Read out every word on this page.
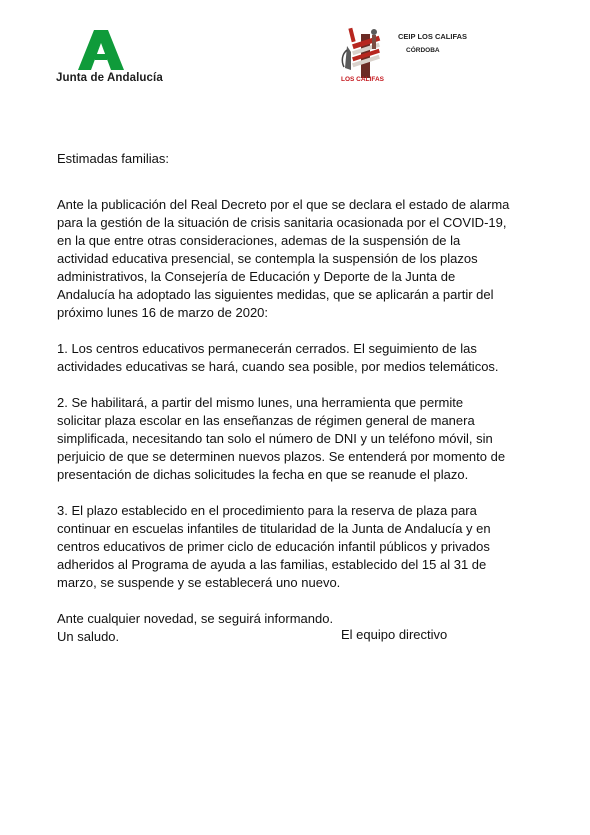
Junta de Andalucía	LOS CALIFAS
CEIP LOS CALIFAS
CÓRDOBA

Estimadas familias:

Ante la publicación del Real Decreto por el que se declara el estado de alarma
para la gestión de la situación de crisis sanitaria ocasionada por el COVID-19,
en la que entre otras consideraciones, ademas de la suspensión de la
actividad educativa presencial, se contempla la suspensión de los plazos
administrativos, la Consejería de Educación y Deporte de la Junta de
Andalucía ha adoptado las siguientes medidas, que se aplicarán a partir del
próximo lunes 16 de marzo de 2020:

1. Los centros educativos permanecerán cerrados. El seguimiento de las
actividades educativas se hará, cuando sea posible, por medios telemáticos.

2. Se habilitará, a partir del mismo lunes, una herramienta que permite
solicitar plaza escolar en las enseñanzas de régimen general de manera
simplificada, necesitando tan solo el número de DNI y un teléfono móvil, sin
perjuicio de que se determinen nuevos plazos. Se entenderá por momento de
presentación de dichas solicitudes la fecha en que se reanude el plazo.

3. El plazo establecido en el procedimiento para la reserva de plaza para
continuar en escuelas infantiles de titularidad de la Junta de Andalucía y en
centros educativos de primer ciclo de educación infantil públicos y privados
adheridos al Programa de ayuda a las familias, establecido del 15 al 31 de
marzo, se suspende y se establecerá uno nuevo.

Ante cualquier novedad, se seguirá informando.
Un saludo.	El equipo directivo
